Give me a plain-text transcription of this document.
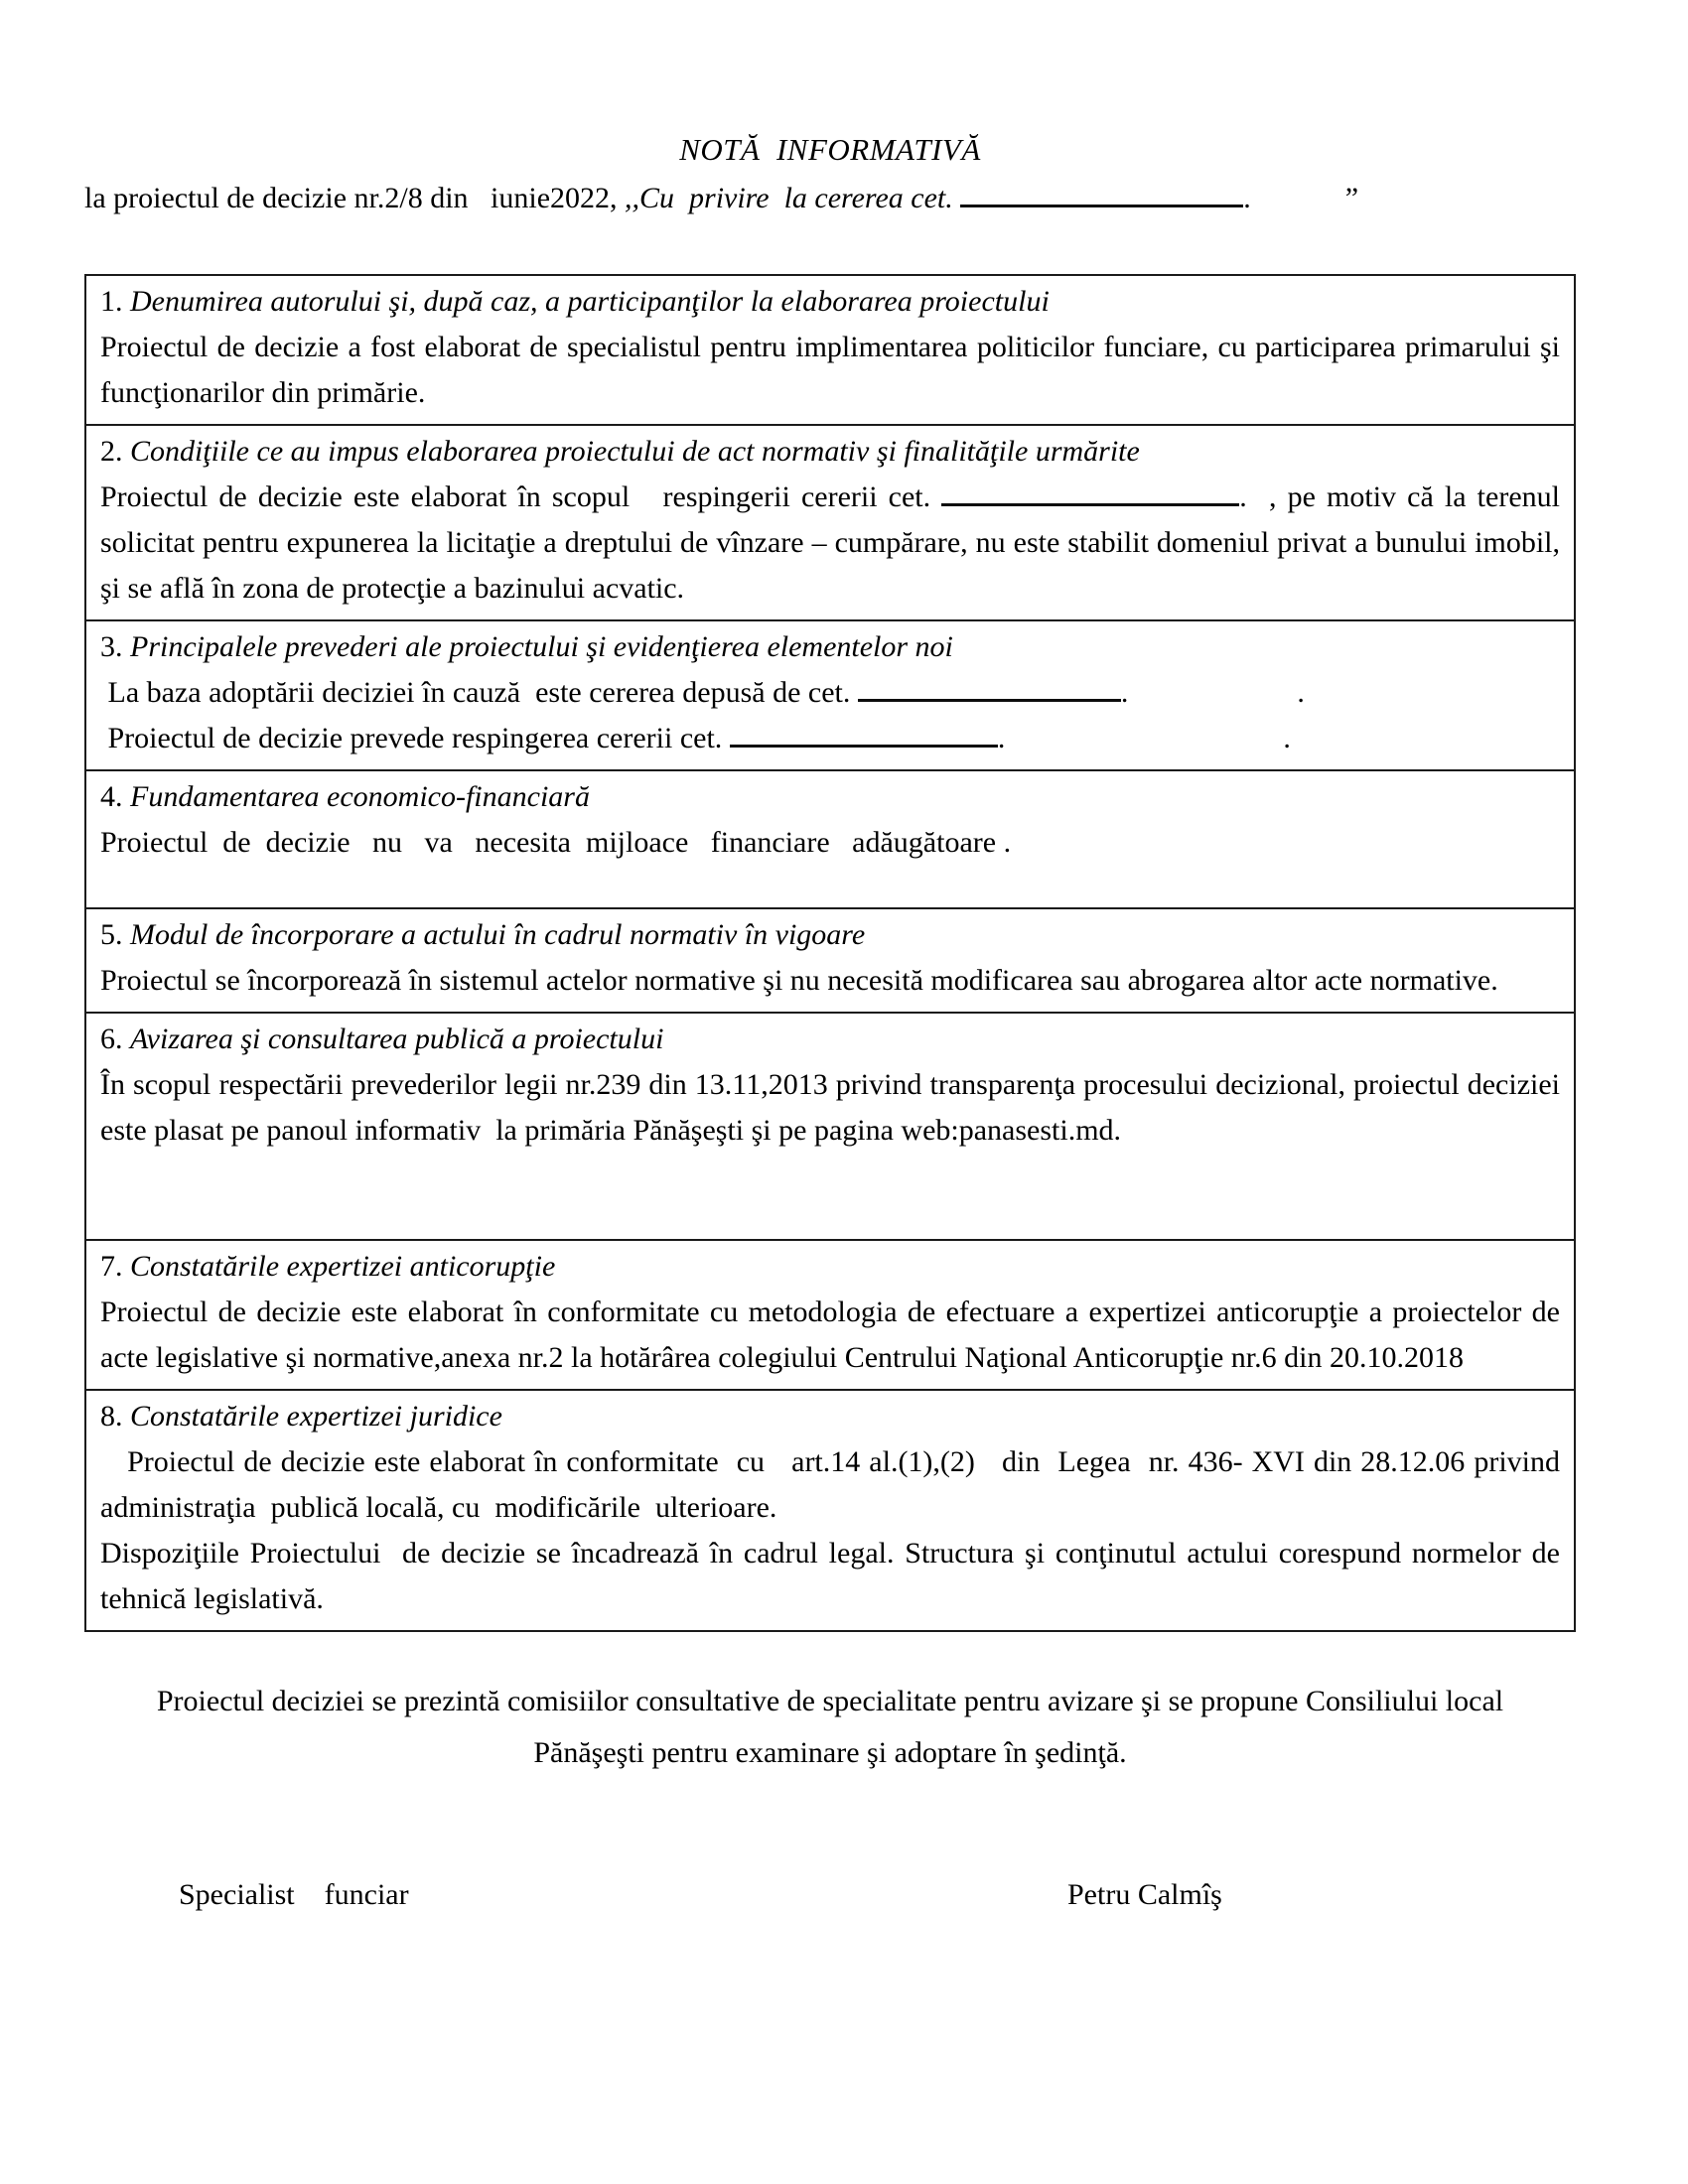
NOTĂ  INFORMATIVĂ
la proiectul de decizie nr.2/8 din   iunie2022, ,,Cu  privire  la cererea cet.	.	”
1. Denumirea autorului şi, după caz, a participanţilor la elaborarea proiectului

Proiectul de decizie a fost elaborat de specialistul pentru implimentarea politicilor funciare, cu participarea primarului şi funcţionarilor din primărie.

2. Condiţiile ce au impus elaborarea proiectului de act normativ şi finalităţile urmărite

Proiectul de decizie este elaborat în scopul   respingerii cererii cet.	.  , pe motiv că la terenul solicitat pentru expunerea la licitaţie a dreptului de vînzare – cumpărare, nu este stabilit domeniul privat a bunului imobil, şi se află în zona de protecţie a bazinului acvatic.

3. Principalele prevederi ale proiectului şi evidenţierea elementelor noi

La baza adoptării deciziei în cauză  este cererea depusă de cet.	.	.

Proiectul de decizie prevede respingerea cererii cet.	.	.

4. Fundamentarea economico-financiară

Proiectul  de  decizie   nu   va   necesita  mijloace   financiare   adăugătoare .

5. Modul de încorporare a actului în cadrul normativ în vigoare

Proiectul se încorporează în sistemul actelor normative şi nu necesită modificarea sau abrogarea altor acte normative.

6. Avizarea şi consultarea publică a proiectului

În scopul respectării prevederilor legii nr.239 din 13.11,2013 privind transparenţa procesului decizional, proiectul deciziei este plasat pe panoul informativ  la primăria Pănăşeşti şi pe pagina web:panasesti.md.

7. Constatările expertizei anticorupţie

Proiectul de decizie este elaborat în conformitate cu metodologia de efectuare a expertizei anticorupţie a proiectelor de acte legislative şi normative,anexa nr.2 la hotărârea colegiului Centrului Naţional Anticorupţie nr.6 din 20.10.2018

8. Constatările expertizei juridice

Proiectul de decizie este elaborat în conformitate  cu   art.14 al.(1),(2)   din  Legea  nr. 436- XVI din 28.12.06 privind administraţia  publică locală, cu  modificările  ulterioare.

Dispoziţiile Proiectului  de decizie se încadrează în cadrul legal. Structura şi conţinutul actului corespund normelor de tehnică legislativă.

Proiectul deciziei se prezintă comisiilor consultative de specialitate pentru avizare şi se propune Consiliului local Pănăşeşti pentru examinare şi adoptare în şedinţă.
Specialist    funciar	Petru Calmîş
